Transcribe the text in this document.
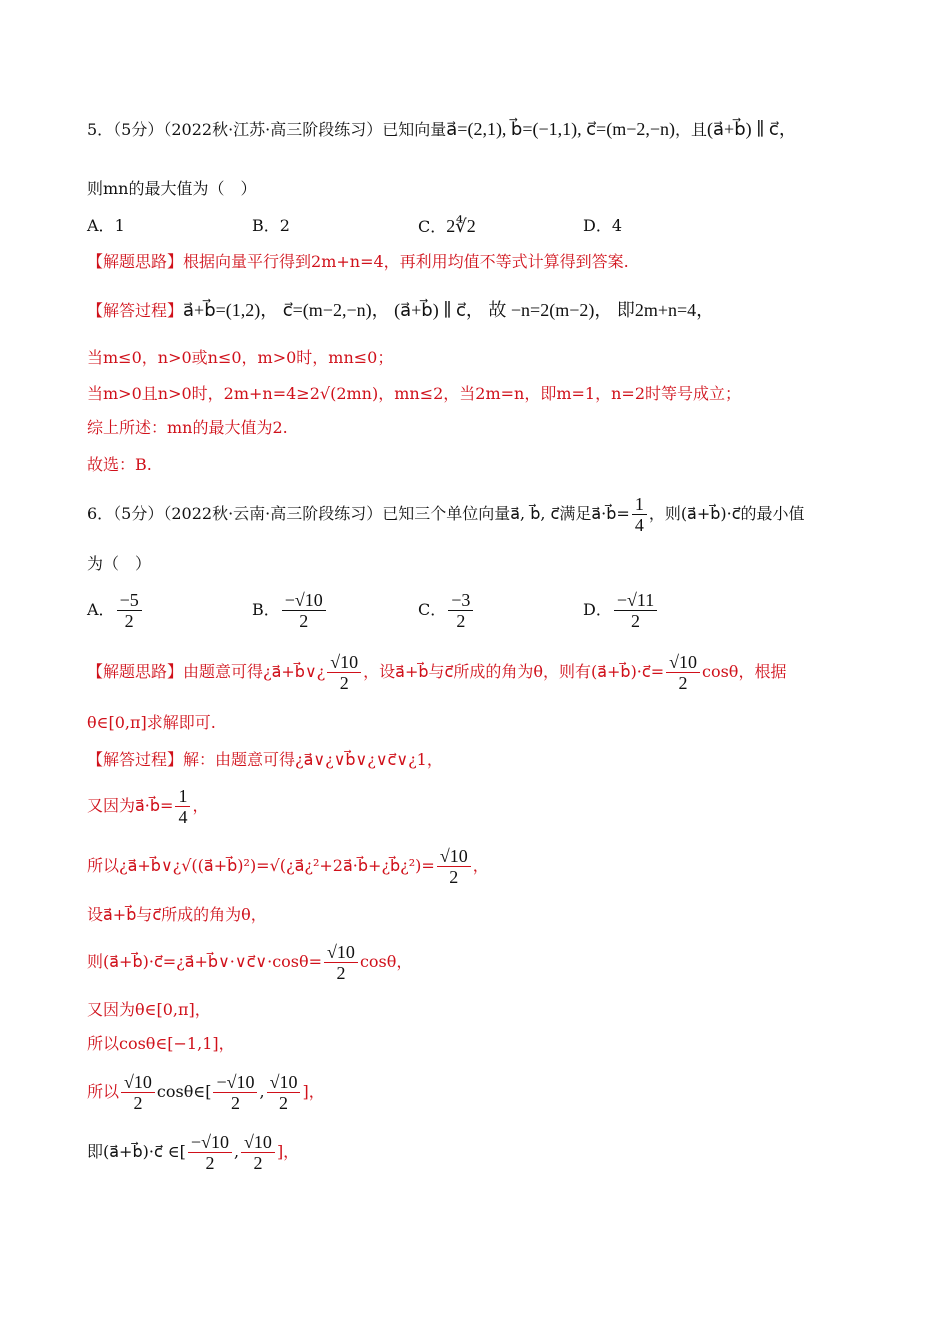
5．（5分）（2022秋·江苏·高三阶段练习）已知向量a⃗=(2,1), b⃗=(−1,1), c⃗=(m−2,−n)，且(a⃗+b⃗) ∥ c⃗，
则mn的最大值为（　）
A．1	B．2	C．2∜2	D．4
【解题思路】根据向量平行得到2m+n=4，再利用均值不等式计算得到答案.
【解答过程】a⃗+b⃗=(1,2)， c⃗=(m−2,−n)， (a⃗+b⃗) ∥ c⃗， 故 −n=2(m−2)， 即2m+n=4，
当m≤0，n>0或n≤0，m>0时，mn≤0；
当m>0且n>0时，2m+n=4≥2√(2mn)，mn≤2，当2m=n，即m=1，n=2时等号成立；
综上所述：mn的最大值为2.
故选：B.
6．（5分）（2022秋·云南·高三阶段练习）已知三个单位向量a⃗, b⃗, c⃗满足a⃗·b⃗= $\frac{1}{4}$ ，则(a⃗+b⃗)·c⃗的最小值
为（　）
A． $\frac{-5}{2}$	B． $\frac{-√10}{2}$	C． $\frac{-3}{2}$	D． $\frac{-√11}{2}$
【解题思路】由题意可得¿a⃗+b⃗∨¿ $\frac{√10}{2}$ ，设a⃗+b⃗与c⃗所成的角为θ，则有(a⃗+b⃗)·c⃗= $\frac{√10}{2}$ cosθ，根据
θ∈[0,π]求解即可.
【解答过程】解：由题意可得¿a⃗∨¿∨b⃗∨¿∨c⃗∨¿1，
又因为a⃗·b⃗= $\frac{1}{4}$ ，
所以¿a⃗+b⃗∨¿√((a⃗+b⃗)²)=√(¿a⃗¿²+2a⃗·b⃗+¿b⃗¿²)= $\frac{√10}{2}$ ，
设a⃗+b⃗与c⃗所成的角为θ，
则(a⃗+b⃗)·c⃗=¿a⃗+b⃗∨·∨c⃗∨·cosθ= $\frac{√10}{2}$ cosθ，
又因为θ∈[0,π]，
所以cosθ∈[−1,1]，
所以 $\frac{√10}{2}$ cosθ∈[ $\frac{-√10}{2}$ , $\frac{√10}{2}$ ]，
即(a⃗+b⃗)·c⃗ ∈[ $\frac{-√10}{2}$ , $\frac{√10}{2}$ ]，
